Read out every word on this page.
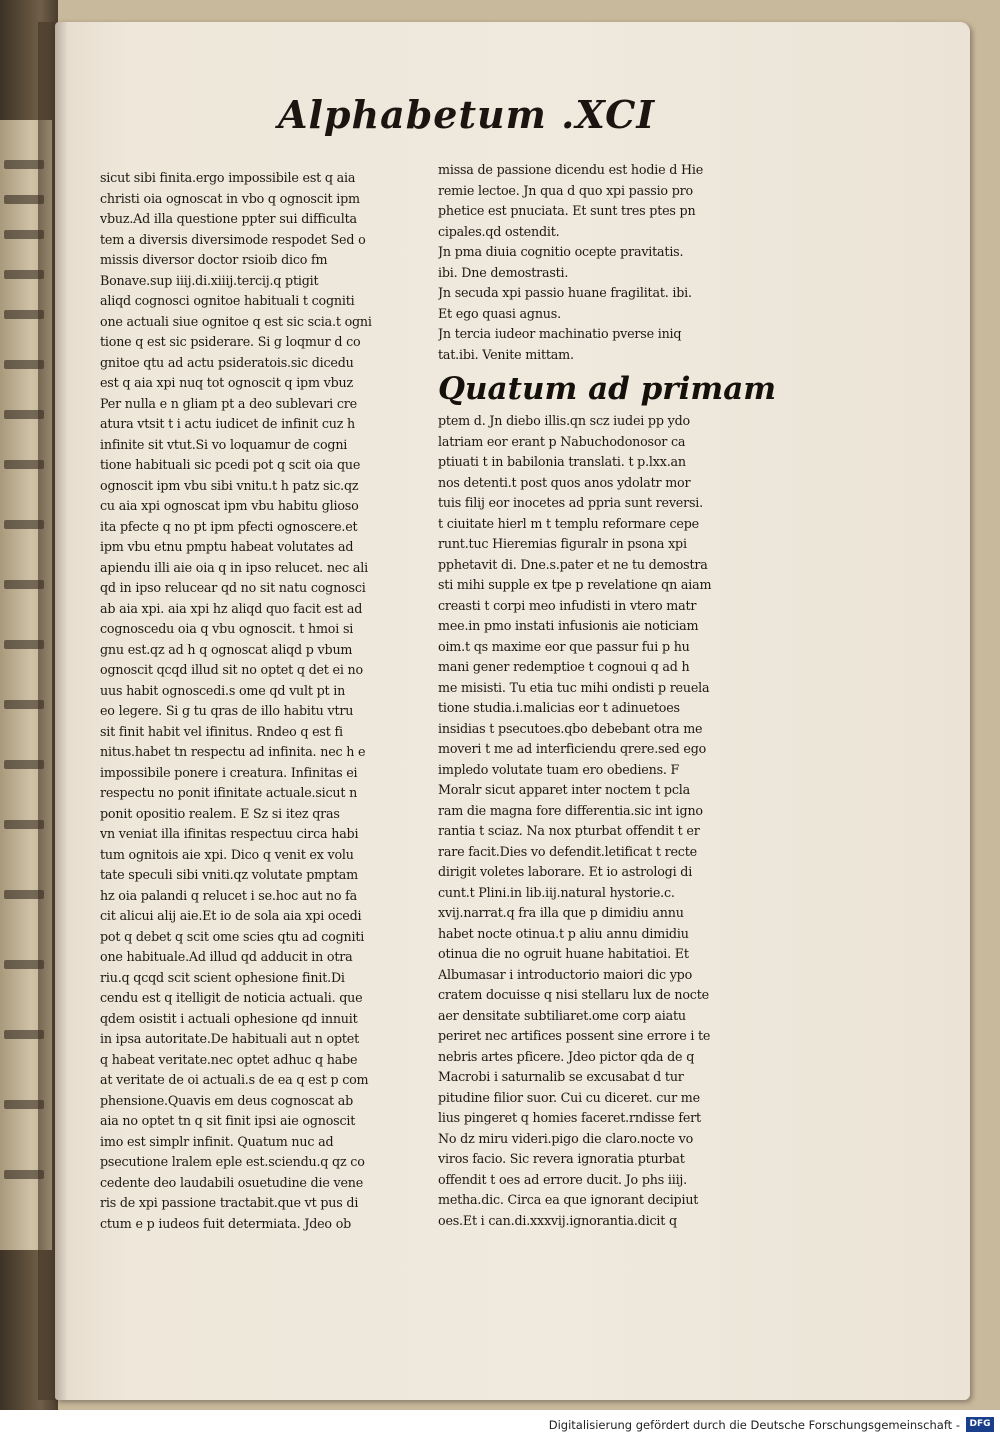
Alphabetum .XCI
sicut sibi finita.ergo impossibile est q aia
christi oia ognoscat in vbo q ognoscit ipm
vbuz.Ad illa questione ppter sui difficulta
tem a diversis diversimode respodet Sed o
missis diversor doctor rsioib dico fm
Bonave.sup iiij.di.xiiij.tercij.q ptigit
aliqd cognosci ognitoe habituali t cogniti
one actuali siue ognitoe q est sic scia.t ogni
tione q est sic psiderare. Si g loqmur d co
gnitoe qtu ad actu psideratois.sic dicedu
est q aia xpi nuq tot ognoscit q ipm vbuz
Per nulla e n gliam pt a deo sublevari cre
atura vtsit t i actu iudicet de infinit cuz h
infinite sit vtut.Si vo loquamur de cogni
tione habituali sic pcedi pot q scit oia que
ognoscit ipm vbu sibi vnitu.t h patz sic.qz
cu aia xpi ognoscat ipm vbu habitu glioso
ita pfecte q no pt ipm pfecti ognoscere.et
ipm vbu etnu pmptu habeat volutates ad
apiendu illi aie oia q in ipso relucet. nec ali
qd in ipso relucear qd no sit natu cognosci
ab aia xpi. aia xpi hz aliqd quo facit est ad
cognoscedu oia q vbu ognoscit. t hmoi si
gnu est.qz ad h q ognoscat aliqd p vbum
ognoscit qcqd illud sit no optet q det ei no
uus habit ognoscedi.s ome qd vult pt in
eo legere. Si g tu qras de illo habitu vtru
sit finit habit vel ifinitus. Rndeo q est fi
nitus.habet tn respectu ad infinita. nec h e
impossibile ponere i creatura. Infinitas ei
respectu no ponit ifinitate actuale.sicut n
ponit opositio realem. E Sz si itez qras
vn veniat illa ifinitas respectuu circa habi
tum ognitois aie xpi. Dico q venit ex volu
tate speculi sibi vniti.qz volutate pmptam
hz oia palandi q relucet i se.hoc aut no fa
cit alicui alij aie.Et io de sola aia xpi ocedi
pot q debet q scit ome scies qtu ad cogniti
one habituale.Ad illud qd adducit in otra
riu.q qcqd scit scient ophesione finit.Di
cendu est q itelligit de noticia actuali. que
qdem osistit i actuali ophesione qd innuit
in ipsa autoritate.De habituali aut n optet
q habeat veritate.nec optet adhuc q habe
at veritate de oi actuali.s de ea q est p com
phensione.Quavis em deus cognoscat ab
aia no optet tn q sit finit ipsi aie ognoscit
imo est simplr infinit. Quatum nuc ad
psecutione lralem eple est.sciendu.q qz co
cedente deo laudabili osuetudine die vene
ris de xpi passione tractabit.que vt pus di
ctum e p iudeos fuit determiata. Jdeo ob
missa de passione dicendu est hodie d Hie
remie lectoe. Jn qua d quo xpi passio pro
phetice est pnuciata. Et sunt tres ptes pn
cipales.qd ostendit.
Jn pma diuia cognitio ocepte pravitatis.
ibi. Dne demostrasti.
Jn secuda xpi passio huane fragilitat. ibi.
Et ego quasi agnus.
Jn tercia iudeor machinatio pverse iniq
tat.ibi. Venite mittam.
Quatum ad primam
ptem d. Jn diebo illis.qn scz iudei pp ydo
latriam eor erant p Nabuchodonosor ca
ptiuati t in babilonia translati. t p.lxx.an
nos detenti.t post quos anos ydolatr mor
tuis filij eor inocetes ad ppria sunt reversi.
t ciuitate hierl m t templu reformare cepe
runt.tuc Hieremias figuralr in psona xpi
pphetavit di. Dne.s.pater et ne tu demostra
sti mihi supple ex tpe p revelatione qn aiam
creasti t corpi meo infudisti in vtero matr
mee.in pmo instati infusionis aie noticiam
oim.t qs maxime eor que passur fui p hu
mani gener redemptioe t cognoui q ad h
me misisti. Tu etia tuc mihi ondisti p reuela
tione studia.i.malicias eor t adinuetoes
insidias t psecutoes.qbo debebant otra me
moveri t me ad interficiendu qrere.sed ego
impledo volutate tuam ero obediens. F
Moralr sicut apparet inter noctem t pcla
ram die magna fore differentia.sic int igno
rantia t sciaz. Na nox pturbat offendit t er
rare facit.Dies vo defendit.letificat t recte
dirigit voletes laborare. Et io astrologi di
cunt.t Plini.in lib.iij.natural hystorie.c.
xvij.narrat.q fra illa que p dimidiu annu
habet nocte otinua.t p aliu annu dimidiu
otinua die no ogruit huane habitatioi. Et
Albumasar i introductorio maiori dic ypo
cratem docuisse q nisi stellaru lux de nocte
aer densitate subtiliaret.ome corp aiatu
periret nec artifices possent sine errore i te
nebris artes pficere. Jdeo pictor qda de q
Macrobi i saturnalib se excusabat d tur
pitudine filior suor. Cui cu diceret. cur me
lius pingeret q homies faceret.rndisse fert
No dz miru videri.pigo die claro.nocte vo
viros facio. Sic revera ignoratia pturbat
offendit t oes ad errore ducit. Jo phs iiij.
metha.dic. Circa ea que ignorant decipiut
oes.Et i can.di.xxxvij.ignorantia.dicit q
Digitalisierung gefördert durch die Deutsche Forschungsgemeinschaft -	DFG
